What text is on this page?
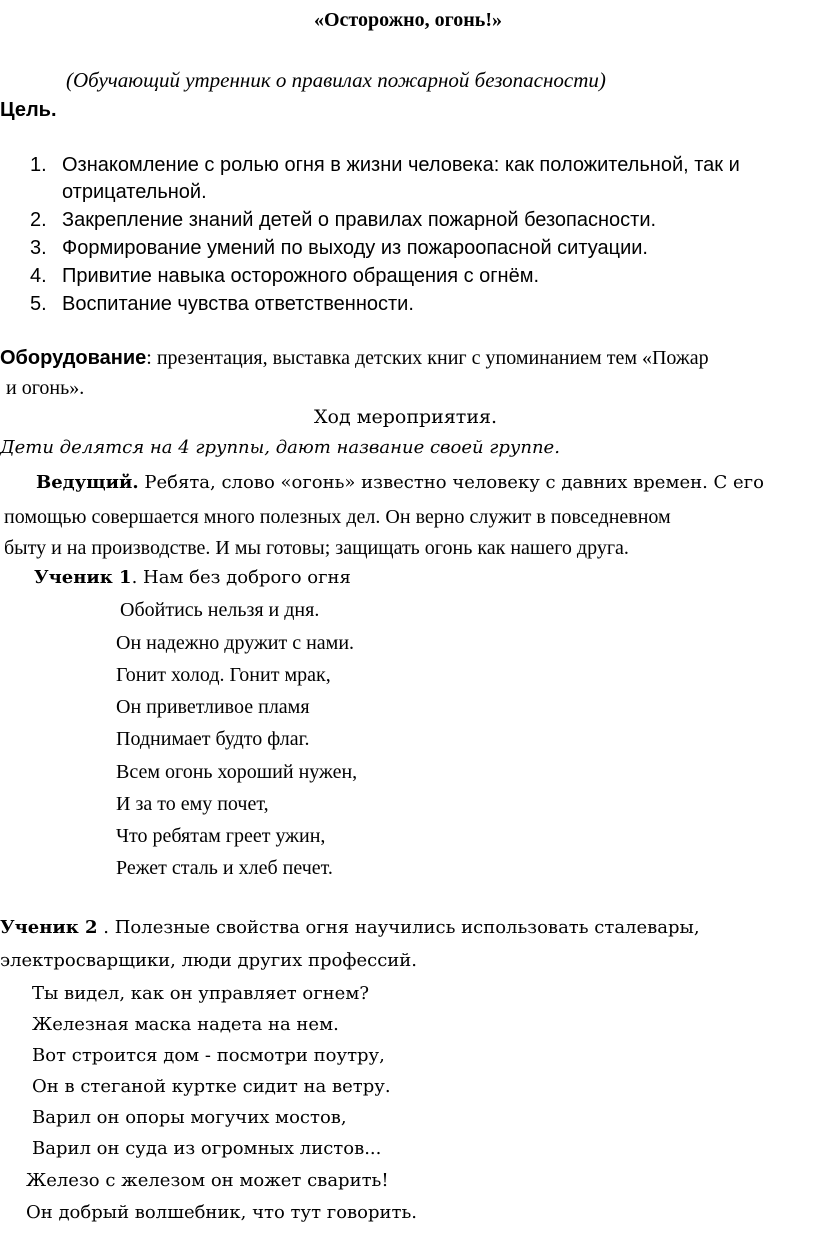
«Осторожно, огонь!»
(Обучающий утренник о правилах пожарной безопасности)
Цель.
1. Ознакомление с ролью огня в жизни человека: как положительной, так и
отрицательной.
2. Закрепление знаний детей о правилах пожарной безопасности.
3. Формирование умений по выходу из пожароопасной ситуации.
4. Привитие навыка осторожного обращения с огнём.
5. Воспитание чувства ответственности.
Оборудование: презентация, выставка детских книг с упоминанием тем «Пожар
и огонь».
Ход мероприятия.
Дети делятся на 4 группы, дают название своей группе.
Ведущий. Ребята, слово «огонь» известно человеку с давних времен. С его
помощью совершается много полезных дел. Он верно служит в повседневном
быту и на производстве. И мы готовы; защищать огонь как нашего друга.
Ученик 1. Нам без доброго огня
Обойтись нельзя и дня.
Он надежно дружит с нами.
Гонит холод. Гонит мрак,
Он приветливое пламя
Поднимает будто флаг.
Всем огонь хороший нужен,
И за то ему почет,
Что ребятам греет ужин,
Режет сталь и хлеб печет.
Ученик 2 . Полезные свойства огня научились использовать сталевары,
электросварщики, люди других профессий.
Ты видел, как он управляет огнем?
Железная маска надета на нем.
Вот строится дом - посмотри поутру,
Он в стеганой куртке сидит на ветру.
Варил он опоры могучих мостов,
Варил он суда из огромных листов...
Железо с железом он может сварить!
Он добрый волшебник, что тут говорить.
